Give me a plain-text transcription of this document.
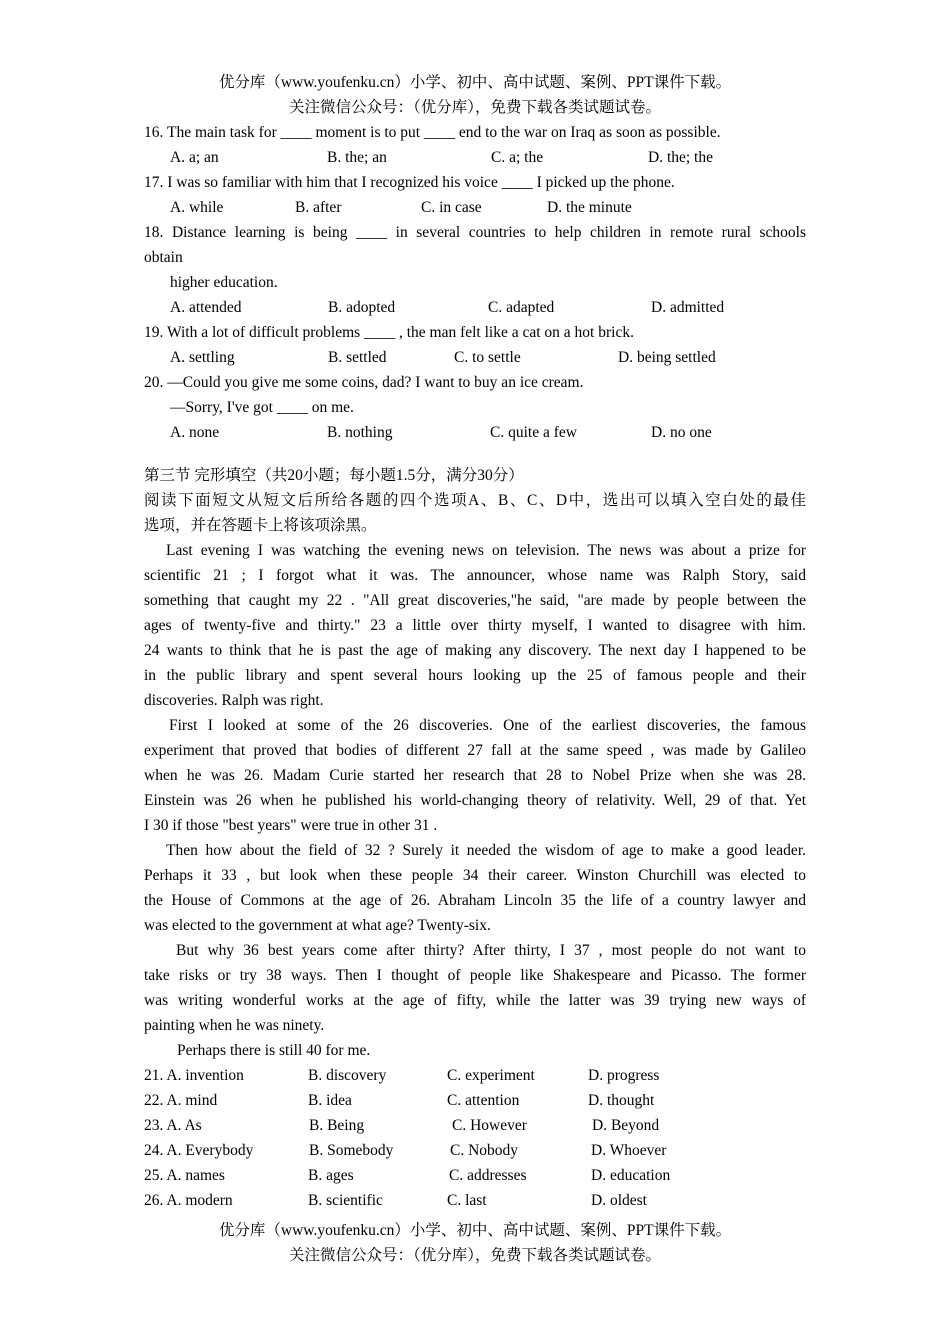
优分库（www.youfenku.cn）小学、初中、高中试题、案例、PPT课件下载。
关注微信公众号：（优分库），免费下载各类试题试卷。
16. The main task for ____ moment is to put ____ end to the war on Iraq as soon as possible.
A. a; an	B. the; an	C. a; the	D. the; the
17. I was so familiar with him that I recognized his voice ____ I picked up the phone.
A. while	B. after	C. in case	D. the minute
18. Distance learning is being ____ in several countries to help children in remote rural schools
obtain
higher education.
A. attended	B. adopted	C. adapted	D. admitted
19. With a lot of difficult problems ____ , the man felt like a cat on a hot brick.
A. settling	B. settled	C. to settle	D. being settled
20. —Could you give me some coins, dad? I want to buy an ice cream.
—Sorry, I've got ____ on me.
A. none	B. nothing	C. quite a few	D. no one
第三节 完形填空（共20小题；每小题1.5分，满分30分）
阅读下面短文从短文后所给各题的四个选项A、B、C、D中，选出可以填入空白处的最佳
选项，并在答题卡上将该项涂黑。
Last evening I was watching the evening news on television. The news was about a prize for
scientific 21 ; I forgot what it was. The announcer, whose name was Ralph Story, said
something that caught my 22 . "All great discoveries,"he said, "are made by people between the
ages of twenty-five and thirty." 23 a little over thirty myself, I wanted to disagree with him.
24 wants to think that he is past the age of making any discovery. The next day I happened to be
in the public library and spent several hours looking up the 25 of famous people and their
discoveries. Ralph was right.
First I looked at some of the 26 discoveries. One of the earliest discoveries, the famous
experiment that proved that bodies of different 27 fall at the same speed , was made by Galileo
when he was 26. Madam Curie started her research that 28 to Nobel Prize when she was 28.
Einstein was 26 when he published his world-changing theory of relativity. Well, 29 of that. Yet
I 30 if those "best years" were true in other 31 .
Then how about the field of 32 ? Surely it needed the wisdom of age to make a good leader.
Perhaps it 33 , but look when these people 34 their career. Winston Churchill was elected to
the House of Commons at the age of 26. Abraham Lincoln 35 the life of a country lawyer and
was elected to the government at what age? Twenty-six.
But why 36 best years come after thirty? After thirty, I 37 , most people do not want to
take risks or try 38 ways. Then I thought of people like Shakespeare and Picasso. The former
was writing wonderful works at the age of fifty, while the latter was 39 trying new ways of
painting when he was ninety.
Perhaps there is still 40 for me.
21. A. invention	B. discovery	C. experiment	D. progress
22. A. mind	B. idea	C. attention	D. thought
23. A. As	B. Being	C. However	D. Beyond
24. A. Everybody	B. Somebody	C. Nobody	D. Whoever
25. A. names	B. ages	C. addresses	D. education
26. A. modern	B. scientific	C. last	D. oldest
优分库（www.youfenku.cn）小学、初中、高中试题、案例、PPT课件下载。
关注微信公众号：（优分库），免费下载各类试题试卷。
